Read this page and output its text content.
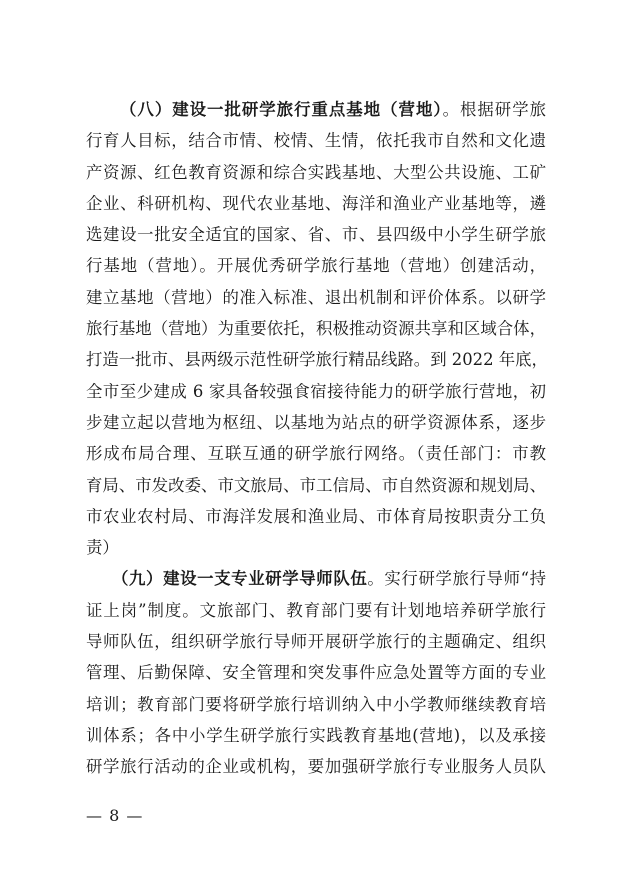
（八）建设一批研学旅行重点基地（营地）。根据研学旅
行育人目标，结合市情、校情、生情，依托我市自然和文化遗
产资源、红色教育资源和综合实践基地、大型公共设施、工矿
企业、科研机构、现代农业基地、海洋和渔业产业基地等，遴
选建设一批安全适宜的国家、省、市、县四级中小学生研学旅
行基地（营地）。开展优秀研学旅行基地（营地）创建活动，
建立基地（营地）的准入标准、退出机制和评价体系。以研学
旅行基地（营地）为重要依托，积极推动资源共享和区域合体，
打造一批市、县两级示范性研学旅行精品线路。到 2022 年底，
全市至少建成 6 家具备较强食宿接待能力的研学旅行营地，初
步建立起以营地为枢纽、以基地为站点的研学资源体系，逐步
形成布局合理、互联互通的研学旅行网络。（责任部门：市教
育局、市发改委、市文旅局、市工信局、市自然资源和规划局、
市农业农村局、市海洋发展和渔业局、市体育局按职责分工负
责）
（九）建设一支专业研学导师队伍。实行研学旅行导师“持
证上岗”制度。文旅部门、教育部门要有计划地培养研学旅行
导师队伍，组织研学旅行导师开展研学旅行的主题确定、组织
管理、后勤保障、安全管理和突发事件应急处置等方面的专业
培训；教育部门要将研学旅行培训纳入中小学教师继续教育培
训体系；各中小学生研学旅行实践教育基地(营地)，以及承接
研学旅行活动的企业或机构，要加强研学旅行专业服务人员队
— 8 —
